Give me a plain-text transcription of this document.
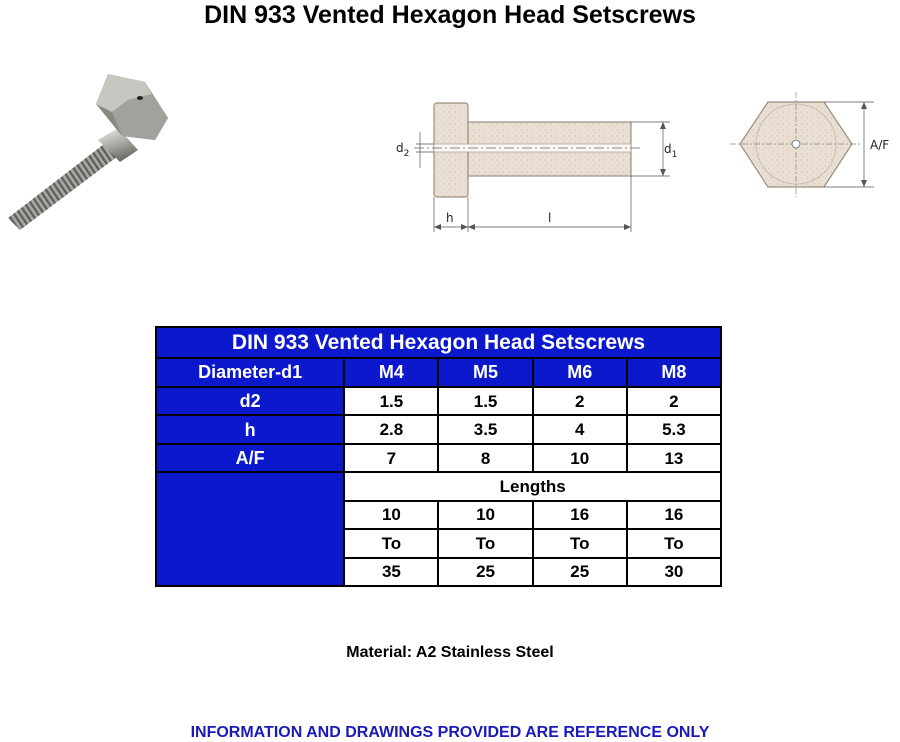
DIN 933 Vented Hexagon Head Setscrews
$d_2$	$d_1$
h	l
A/F
DIN 933 Vented Hexagon Head Setscrews				
Diameter-d1	M4	M5	M6	M8
d2	1.5	1.5	2	2
h	2.8	3.5	4	5.3
A/F	7	8	10	13
	Lengths			
	10	10	16	16
	To	To	To	To
	35	25	25	30
Material: A2 Stainless Steel
INFORMATION AND DRAWINGS PROVIDED ARE REFERENCE ONLY
